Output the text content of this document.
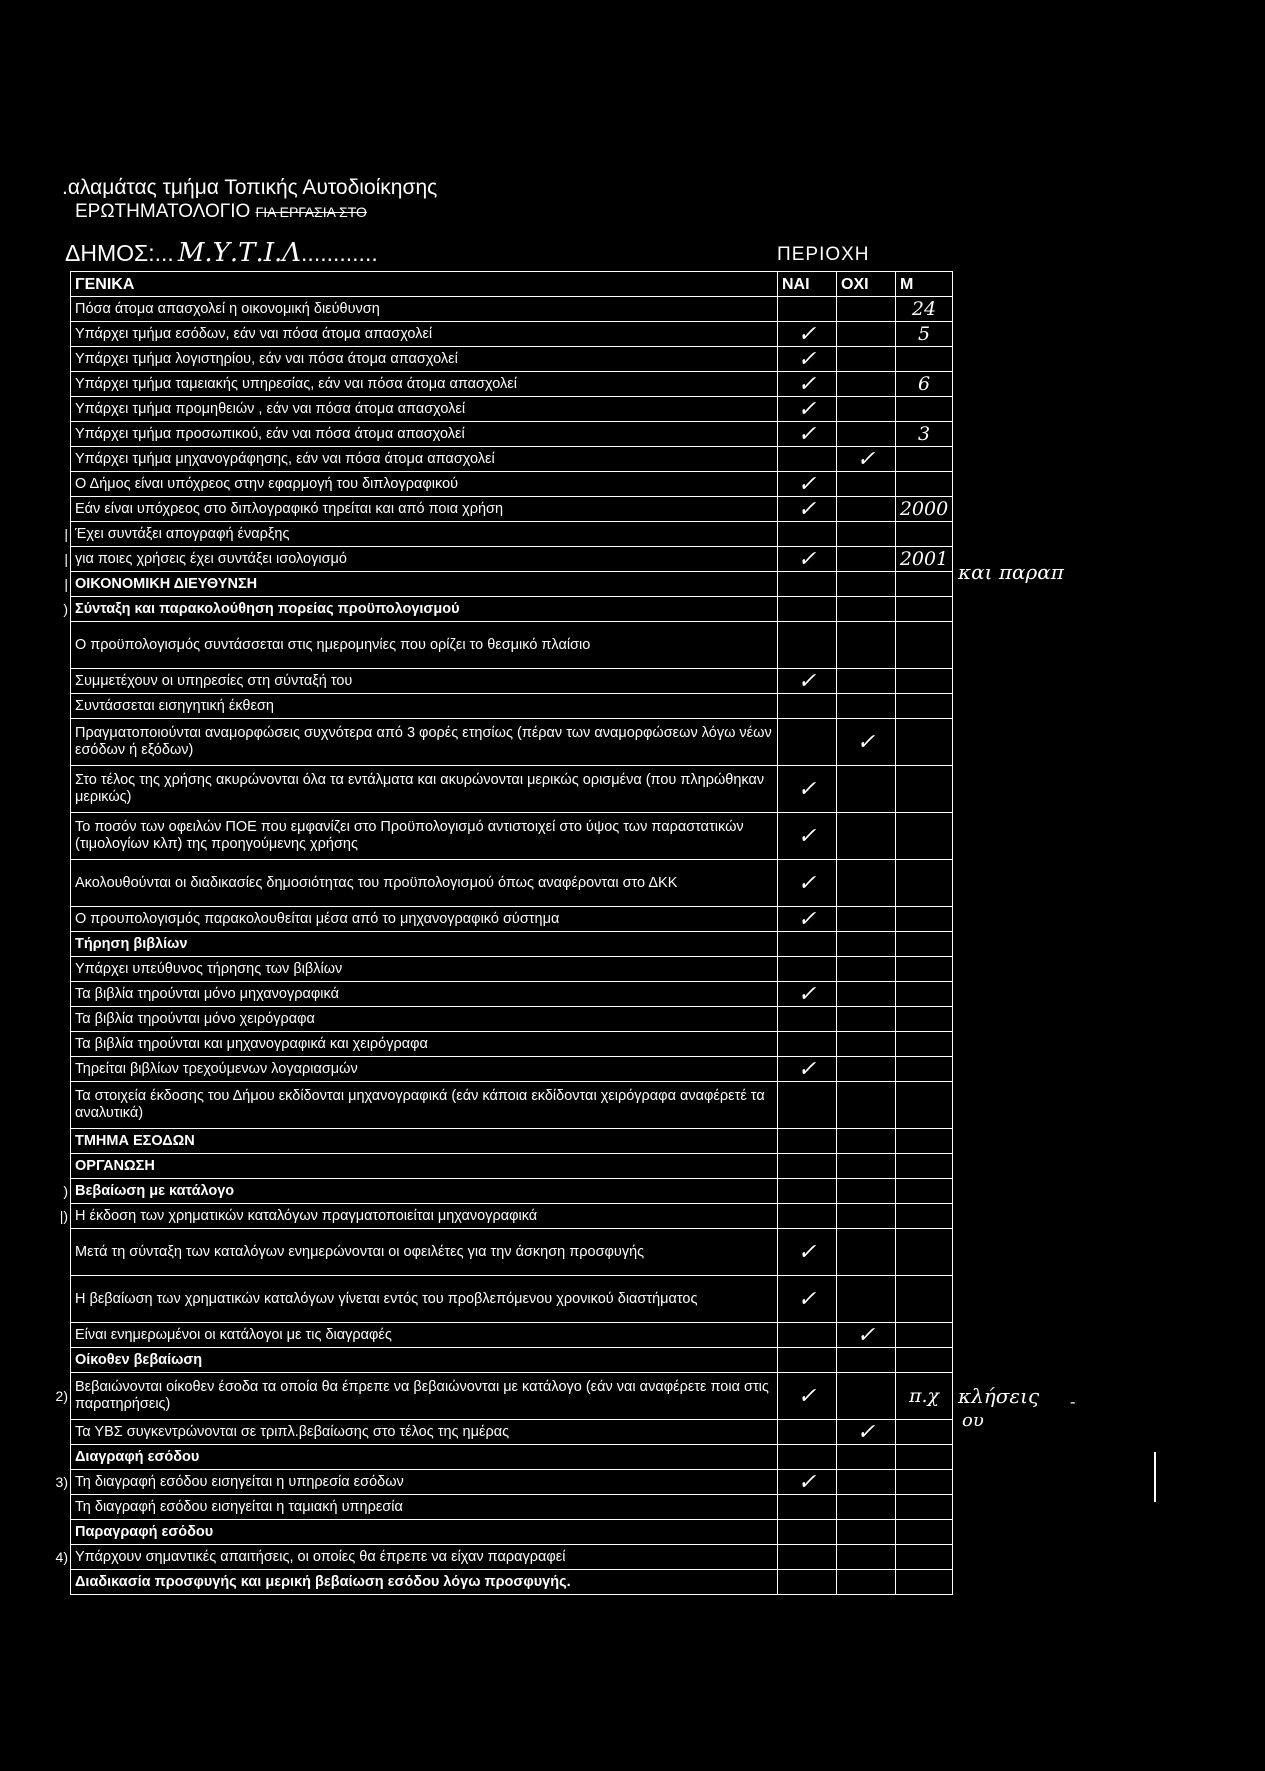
.αλαμάτας τμήμα Τοπικής Αυτοδιοίκησης
ΕΡΩΤΗΜΑΤΟΛΟΓΙΟ ΓΙΑ ΕΡΓΑΣΙΑ ΣΤΟ
ΔΗΜΟΣ:... Μ.Υ.Τ.Ι.Λ............	ΠΕΡΙΟΧΗ
ΓΕΝΙΚΑ	ΝΑΙ	ΟΧΙ	Μ
Πόσα άτομα απασχολεί η οικονομική διεύθυνση			24
Υπάρχει τμήμα εσόδων, εάν ναι πόσα άτομα απασχολεί	✓		5
Υπάρχει τμήμα λογιστηρίου, εάν ναι πόσα άτομα απασχολεί	✓		
Υπάρχει τμήμα ταμειακής υπηρεσίας, εάν ναι πόσα άτομα απασχολεί	✓		6
Υπάρχει τμήμα προμηθειών , εάν ναι πόσα άτομα απασχολεί	✓		
Υπάρχει τμήμα προσωπικού, εάν ναι πόσα άτομα απασχολεί	✓		3
Υπάρχει τμήμα μηχανογράφησης, εάν ναι πόσα άτομα απασχολεί		✓	
Ο Δήμος είναι υπόχρεος στην εφαρμογή του διπλογραφικού	✓		
Εάν είναι υπόχρεος στο διπλογραφικό τηρείται και από ποια χρήση	✓		2000
Έχει συντάξει απογραφή έναρξης			
για ποιες χρήσεις έχει συντάξει ισολογισμό	✓		2001
ΟΙΚΟΝΟΜΙΚΗ ΔΙΕΥΘΥΝΣΗ			
Σύνταξη και παρακολούθηση πορείας προϋπολογισμού			
Ο προϋπολογισμός συντάσσεται στις ημερομηνίες που ορίζει το θεσμικό πλαίσιο			
Συμμετέχουν οι υπηρεσίες στη σύνταξή του	✓		
Συντάσσεται εισηγητική έκθεση			
Πραγματοποιούνται αναμορφώσεις συχνότερα από 3 φορές ετησίως (πέραν των αναμορφώσεων λόγω νέων εσόδων ή εξόδων)		✓	
Στο τέλος της χρήσης ακυρώνονται όλα τα εντάλματα και ακυρώνονται μερικώς ορισμένα (που πληρώθηκαν μερικώς)	✓		
Το ποσόν των οφειλών ΠΟΕ που εμφανίζει στο Προϋπολογισμό αντιστοιχεί στο ύψος των παραστατικών (τιμολογίων κλπ) της προηγούμενης χρήσης	✓		
Ακολουθούνται οι διαδικασίες δημοσιότητας του προϋπολογισμού όπως αναφέρονται στο ΔΚΚ	✓		
Ο προυπολογισμός παρακολουθείται μέσα από το μηχανογραφικό σύστημα	✓		
Τήρηση βιβλίων			
Υπάρχει υπεύθυνος τήρησης των βιβλίων			
Τα βιβλία τηρούνται μόνο μηχανογραφικά	✓		
Τα βιβλία τηρούνται μόνο χειρόγραφα			
Τα βιβλία τηρούνται και μηχανογραφικά και χειρόγραφα			
Τηρείται βιβλίων τρεχούμενων λογαριασμών	✓		
Τα στοιχεία έκδοσης του Δήμου εκδίδονται μηχανογραφικά (εάν κάποια εκδίδονται χειρόγραφα αναφέρετέ τα αναλυτικά)			
ΤΜΗΜΑ ΕΣΟΔΩΝ			
ΟΡΓΑΝΩΣΗ			
Βεβαίωση με κατάλογο			
Η έκδοση των χρηματικών καταλόγων πραγματοποιείται μηχανογραφικά			
Μετά τη σύνταξη των καταλόγων ενημερώνονται οι οφειλέτες για την άσκηση προσφυγής	✓		
Η βεβαίωση των χρηματικών καταλόγων γίνεται εντός του προβλεπόμενου χρονικού διαστήματος	✓		
Είναι ενημερωμένοι οι κατάλογοι με τις διαγραφές		✓	
Οίκοθεν βεβαίωση			
Βεβαιώνονται οίκοθεν έσοδα τα οποία θα έπρεπε να βεβαιώνονται με κατάλογο (εάν ναι αναφέρετε ποια στις παρατηρήσεις)	✓		π.χ
Τα ΥΒΣ συγκεντρώνονται σε τριπλ.βεβαίωσης στο τέλος της ημέρας		✓	
Διαγραφή εσόδου			
Τη διαγραφή εσόδου εισηγείται η υπηρεσία εσόδων	✓		
Τη διαγραφή εσόδου εισηγείται η ταμιακή υπηρεσία			
Παραγραφή εσόδου			
Υπάρχουν σημαντικές απαιτήσεις, οι οποίες θα έπρεπε να είχαν παραγραφεί			
Διαδικασία προσφυγής και μερική βεβαίωση εσόδου λόγω προσφυγής.			
|
|
|
)
)
|)
2)
3)
4)
και παραπ
κλήσεις
ου
-
